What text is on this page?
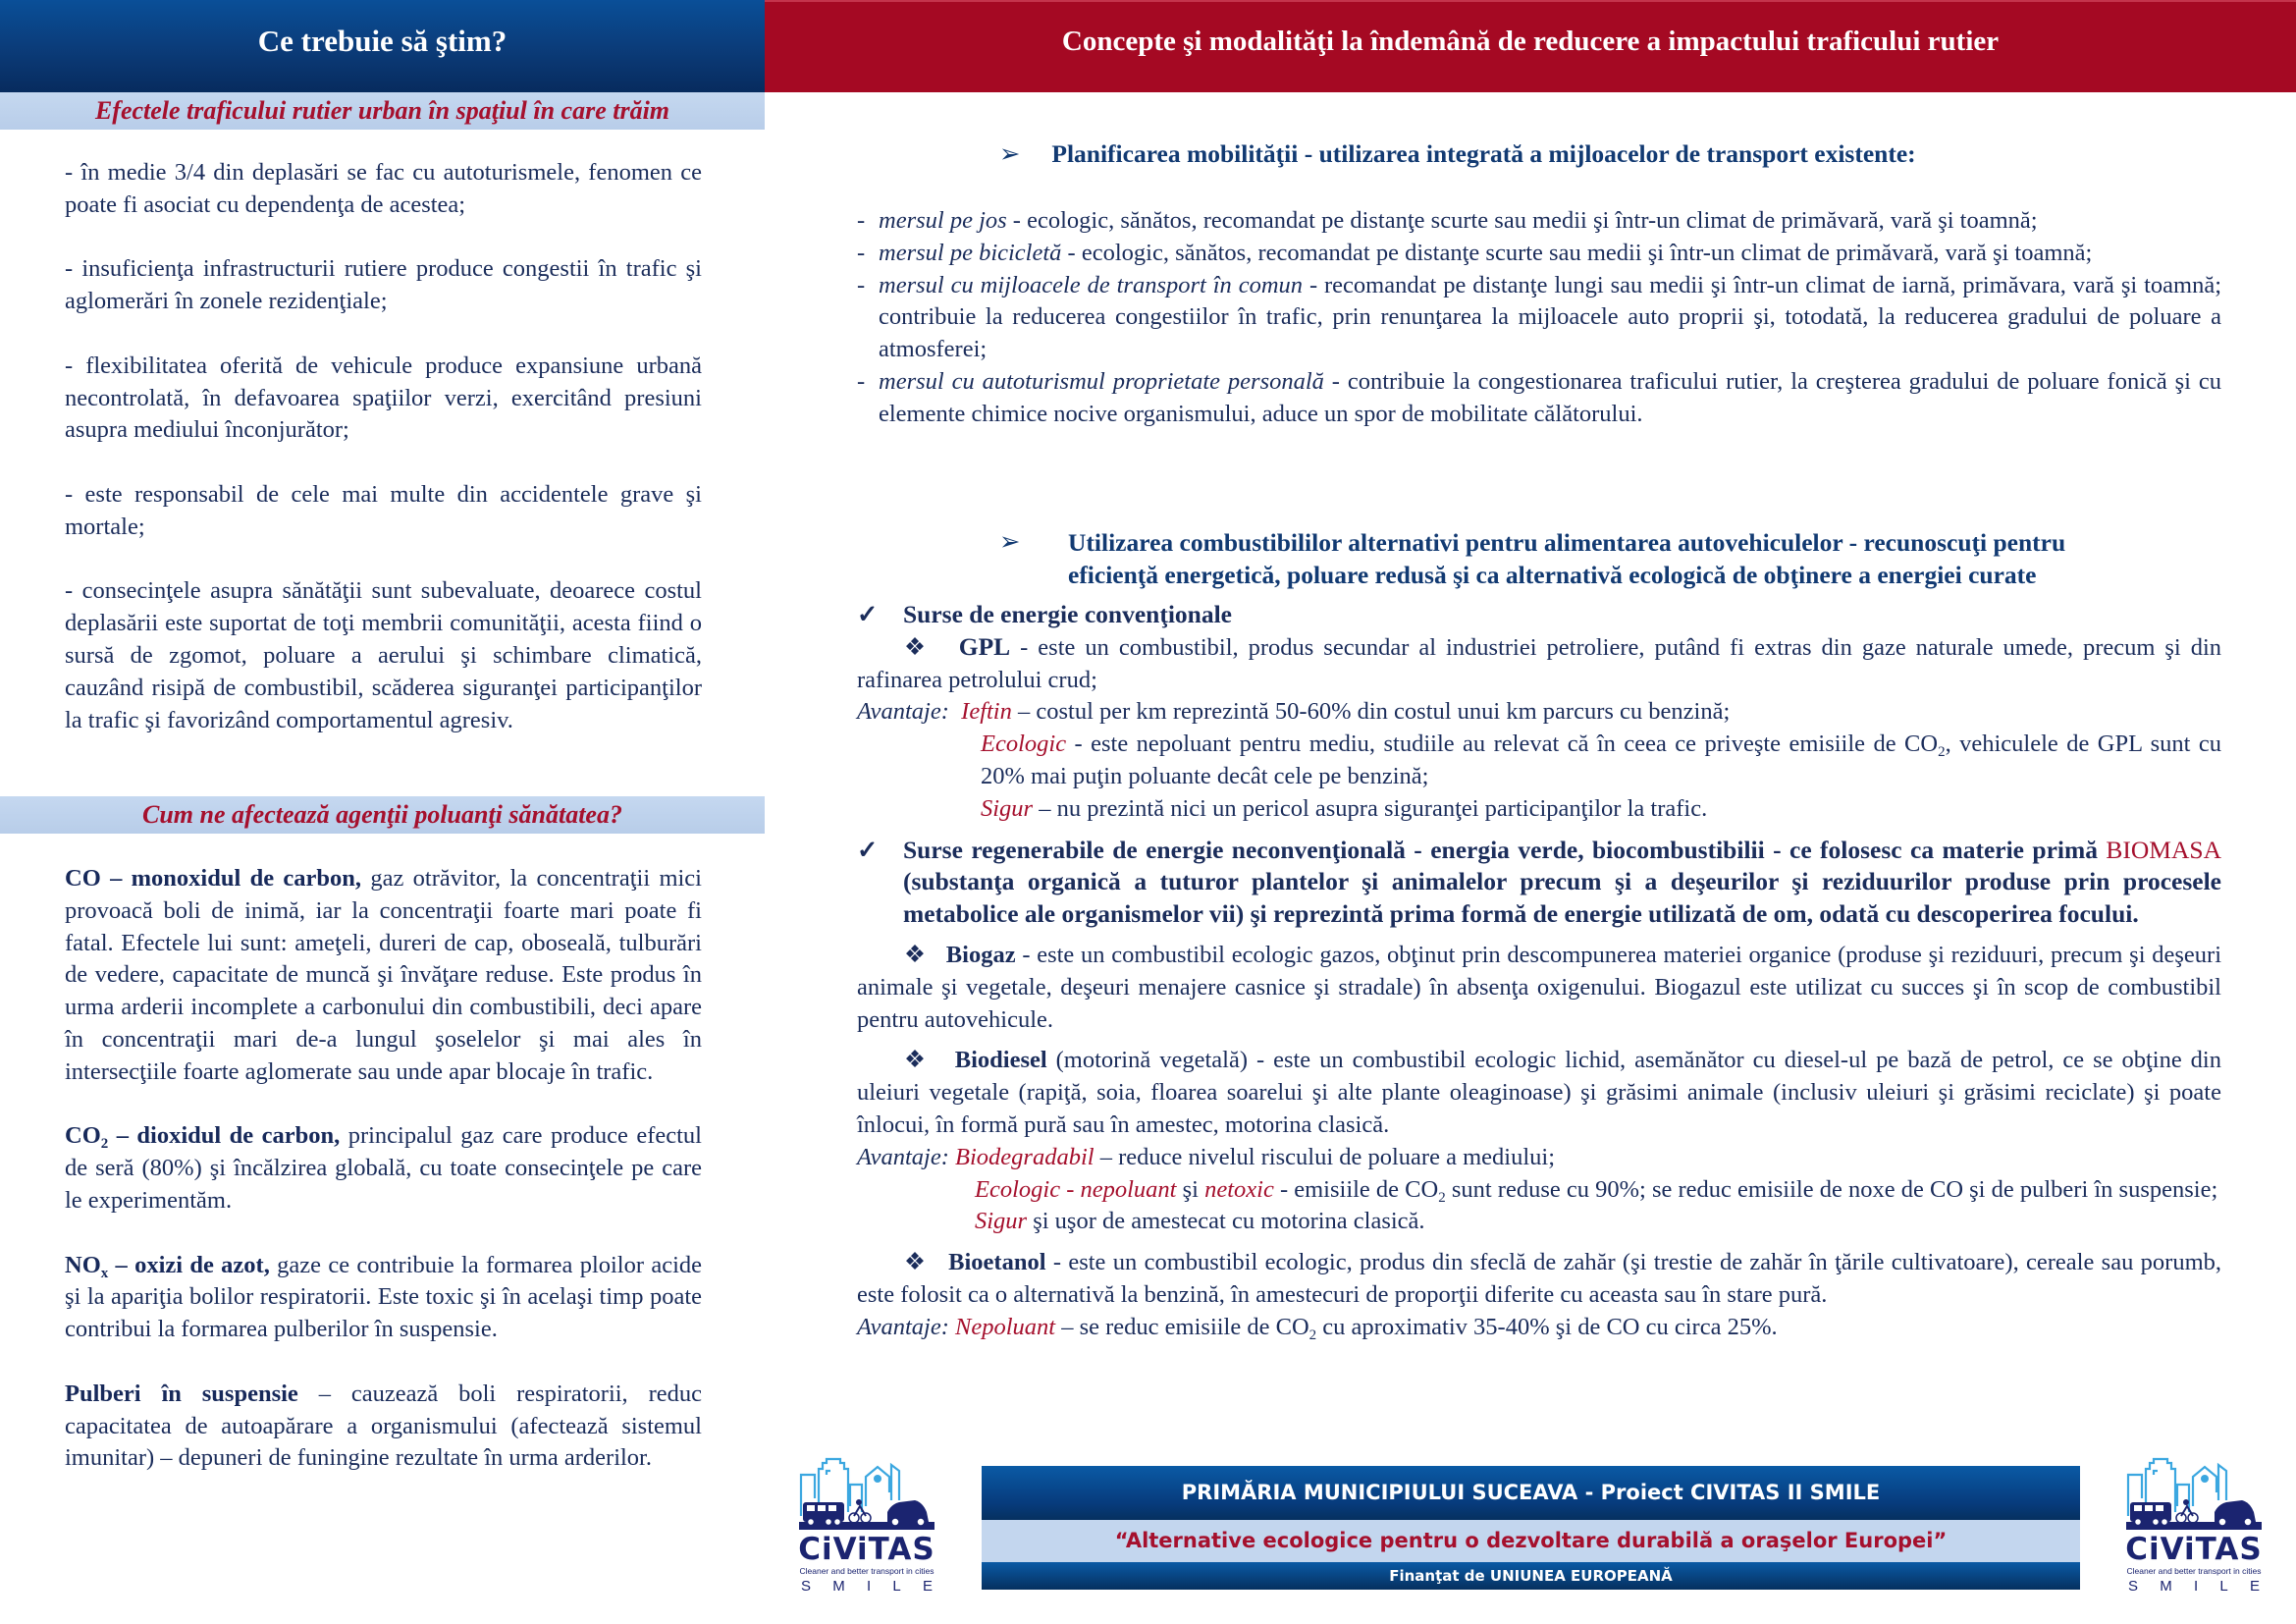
Ce trebuie să ştim?
Efectele traficului rutier urban în spaţiul în care trăim

- în medie 3/4 din deplasări se fac cu autoturismele, fenomen ce poate fi asociat cu dependenţa de acestea;

- insuficienţa infrastructurii rutiere produce congestii în trafic şi aglomerări în zonele rezidenţiale;

- flexibilitatea oferită de vehicule produce expansiune urbană necontrolată, în defavoarea spaţiilor verzi, exercitând presiuni asupra mediului înconjurător;

- este responsabil de cele mai multe din accidentele grave şi mortale;

- consecinţele asupra sănătăţii sunt subevaluate, deoarece costul deplasării este suportat de toţi membrii comunităţii, acesta fiind o sursă de zgomot, poluare a aerului şi schimbare climatică, cauzând risipă de combustibil, scăderea siguranţei participanţilor la trafic şi favorizând comportamentul agresiv.

Cum ne afectează agenţii poluanţi sănătatea?

CO – monoxidul de carbon, gaz otrăvitor, la concentraţii mici provoacă boli de inimă, iar la concentraţii foarte mari poate fi fatal. Efectele lui sunt: ameţeli, dureri de cap, oboseală, tulburări de vedere, capacitate de muncă şi învăţare reduse. Este produs în urma arderii incomplete a carbonului din combustibili, deci apare în concentraţii mari de-a lungul şoselelor şi mai ales în intersecţiile foarte aglomerate sau unde apar blocaje în trafic.

$CO_2$ – dioxidul de carbon, principalul gaz care produce efectul de seră (80%) şi încălzirea globală, cu toate consecinţele pe care le experimentăm.

$NO_x$ – oxizi de azot, gaze ce contribuie la formarea ploilor acide şi la apariţia bolilor respiratorii. Este toxic şi în acelaşi timp poate contribui la formarea pulberilor în suspensie.

Pulberi în suspensie – cauzează boli respiratorii, reduc capacitatea de autoapărare a organismului (afectează sistemul imunitar) – depuneri de funingine rezultate în urma arderilor.

Concepte şi modalităţi la îndemână de reducere a impactului traficului rutier
➢ Planificarea mobilităţii - utilizarea integrată a mijloacelor de transport existente:

- mersul pe jos - ecologic, sănătos, recomandat pe distanţe scurte sau medii şi într-un climat de primăvară, vară şi toamnă;

- mersul pe bicicletă - ecologic, sănătos, recomandat pe distanţe scurte sau medii şi într-un climat de primăvară, vară şi toamnă;

- mersul cu mijloacele de transport în comun - recomandat pe distanţe lungi sau medii şi într-un climat de iarnă, primăvara, vară şi toamnă; contribuie la reducerea congestiilor în trafic, prin renunţarea la mijloacele auto proprii şi, totodată, la reducerea gradului de poluare a atmosferei;

- mersul cu autoturismul proprietate personală - contribuie la congestionarea traficului rutier, la creşterea gradului de poluare fonică şi cu elemente chimice nocive organismului, aduce un spor de mobilitate călătorului.

➢ Utilizarea combustibililor alternativi pentru alimentarea autovehiculelor - recunoscuţi pentru
eficienţă energetică, poluare redusă şi ca alternativă ecologică de obţinere a energiei curate

✓ Surse de energie convenţionale

❖ GPL - este un combustibil, produs secundar al industriei petroliere, putând fi extras din gaze naturale umede, precum şi din rafinarea petrolului crud;

Avantaje:  Ieftin – costul per km reprezintă 50-60% din costul unui km parcurs cu benzină;

Ecologic - este nepoluant pentru mediu, studiile au relevat că în ceea ce priveşte emisiile de $CO_2$, vehiculele de GPL sunt cu 20% mai puţin poluante decât cele pe benzină;

Sigur – nu prezintă nici un pericol asupra siguranţei participanţilor la trafic.

✓ Surse regenerabile de energie neconvenţională - energia verde, biocombustibilii - ce folosesc ca materie primă BIOMASA (substanţa organică a tuturor plantelor şi animalelor precum şi a deşeurilor şi reziduurilor produse prin procesele metabolice ale organismelor vii) şi reprezintă prima formă de energie utilizată de om, odată cu descoperirea focului.

❖ Biogaz - este un combustibil ecologic gazos, obţinut prin descompunerea materiei organice (produse şi reziduuri, precum şi deşeuri animale şi vegetale, deşeuri menajere casnice şi stradale) în absenţa oxigenului. Biogazul este utilizat cu succes şi în scop de combustibil pentru autovehicule.

❖ Biodiesel (motorină vegetală) - este un combustibil ecologic lichid, asemănător cu diesel-ul pe bază de petrol, ce se obţine din uleiuri vegetale (rapiţă, soia, floarea soarelui şi alte plante oleaginoase) şi grăsimi animale (inclusiv uleiuri şi grăsimi reciclate) şi poate înlocui, în formă pură sau în amestec, motorina clasică.

Avantaje: Biodegradabil – reduce nivelul riscului de poluare a mediului;

Ecologic - nepoluant şi netoxic - emisiile de $CO_2$ sunt reduse cu 90%; se reduc emisiile de noxe de CO şi de pulberi în suspensie;

Sigur şi uşor de amestecat cu motorina clasică.

❖ Bioetanol - este un combustibil ecologic, produs din sfeclă de zahăr (şi trestie de zahăr în ţările cultivatoare), cereale sau porumb, este folosit ca o alternativă la benzină, în amestecuri de proporţii diferite cu aceasta sau în stare pură.

Avantaje: Nepoluant – se reduc emisiile de $CO_2$ cu aproximativ 35-40% şi de CO cu circa 25%.

CiViTAS
Cleaner and better transport in cities
S M I L E
PRIMĂRIA MUNICIPIULUI SUCEAVA - Proiect CIVITAS II SMILE
“Alternative ecologice pentru o dezvoltare durabilă a oraşelor Europei”
Finanţat de UNIUNEA EUROPEANĂ
CiViTAS
Cleaner and better transport in cities
S M I L E
